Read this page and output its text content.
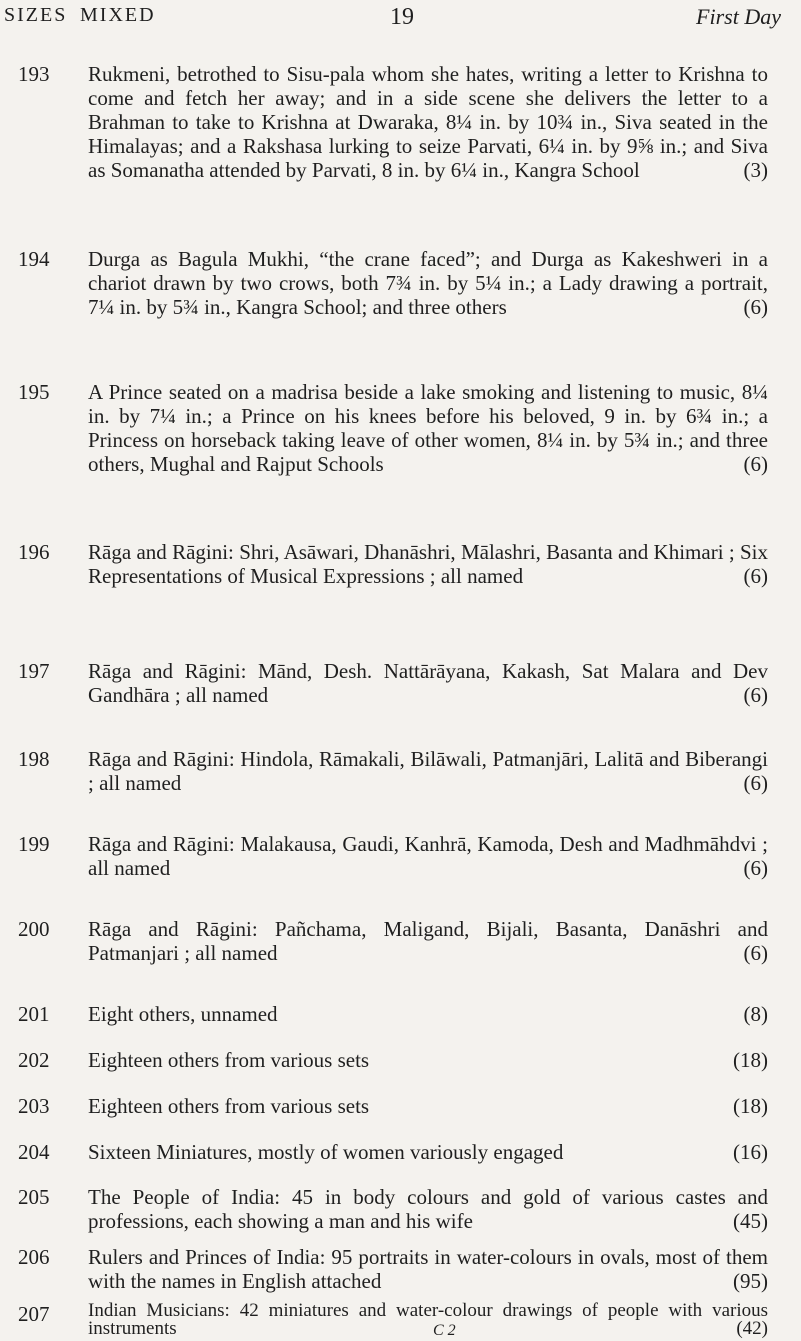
SIZES MIXED	19	First Day
193 Rukmeni, betrothed to Sisu-pala whom she hates, writing a letter to Krishna to come and fetch her away; and in a side scene she delivers the letter to a Brahman to take to Krishna at Dwaraka, 8¼ in. by 10¾ in., Siva seated in the Himalayas; and a Rakshasa lurking to seize Parvati, 6¼ in. by 9⅝ in.; and Siva as Somanatha attended by Parvati, 8 in. by 6¼ in., Kangra School	(3)
194 Durga as Bagula Mukhi, “the crane faced”; and Durga as Kakeshweri in a chariot drawn by two crows, both 7¾ in. by 5¼ in.; a Lady drawing a portrait, 7¼ in. by 5¾ in., Kangra School; and three others	(6)
195 A Prince seated on a madrisa beside a lake smoking and listening to music, 8¼ in. by 7¼ in.; a Prince on his knees before his beloved, 9 in. by 6¾ in.; a Princess on horseback taking leave of other women, 8¼ in. by 5¾ in.; and three others, Mughal and Rajput Schools	(6)
196 Rāga and Rāgini: Shri, Asāwari, Dhanāshri, Mālashri, Basanta and Khimari ; Six Representations of Musical Expressions ; all named	(6)
197 Rāga and Rāgini: Mānd, Desh. Nattārāyana, Kakash, Sat Malara and Dev Gandhāra ; all named	(6)
198 Rāga and Rāgini: Hindola, Rāmakali, Bilāwali, Patmanjāri, Lalitā and Biberangi ; all named	(6)
199 Rāga and Rāgini: Malakausa, Gaudi, Kanhrā, Kamoda, Desh and Madhmāhdvi ; all named	(6)
200 Rāga and Rāgini: Pañchama, Maligand, Bijali, Basanta, Danāshri and Patmanjari ; all named	(6)
201 Eight others, unnamed	(8)
202 Eighteen others from various sets	(18)
203 Eighteen others from various sets	(18)
204 Sixteen Miniatures, mostly of women variously engaged	(16)
205 The People of India: 45 in body colours and gold of various castes and professions, each showing a man and his wife	(45)
206 Rulers and Princes of India: 95 portraits in water-colours in ovals, most of them with the names in English attached	(95)
207 Indian Musicians: 42 miniatures and water-colour drawings of people with various instruments	(42)
C 2
